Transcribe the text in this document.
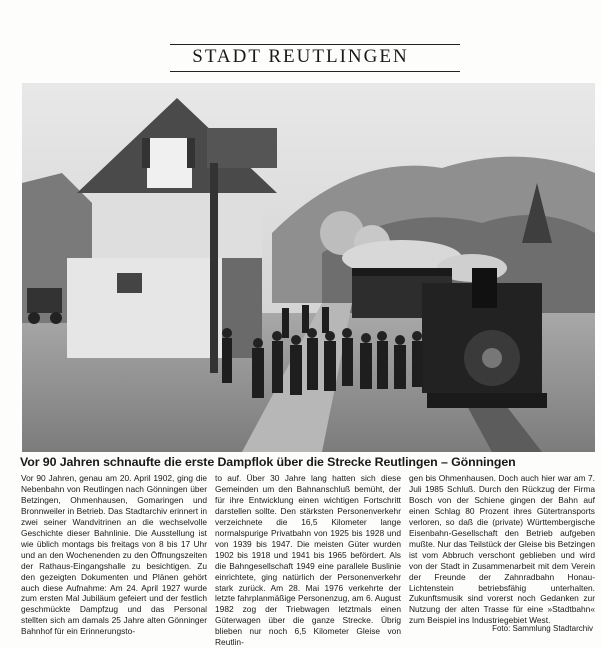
STADT REUTLINGEN
Vor 90 Jahren schnaufte die erste Dampflok über die Strecke Reutlingen – Gönningen
Vor 90 Jahren, genau am 20. April 1902, ging die Nebenbahn von Reutlingen nach Gönningen über Betzingen, Ohmenhausen, Gomaringen und Bronnweiler in Betrieb. Das Stadtarchiv erinnert in zwei seiner Wandvitrinen an die wechselvolle Geschichte dieser Bahnlinie. Die Ausstellung ist wie üblich montags bis freitags von 8 bis 17 Uhr und an den Wochenenden zu den Öffnungszeiten der Rathaus-Eingangshalle zu besichtigen. Zu den gezeigten Dokumenten und Plänen gehört auch diese Aufnahme: Am 24. April 1927 wurde zum ersten Mal Jubiläum gefeiert und der festlich geschmückte Dampfzug und das Personal stellten sich am damals 25 Jahre alten Gönninger Bahnhof für ein Erinnerungsto-
to auf. Über 30 Jahre lang hatten sich diese Gemeinden um den Bahnanschluß bemüht, der für ihre Entwicklung einen wichtigen Fortschritt darstellen sollte. Den stärksten Personenverkehr verzeichnete die 16,5 Kilometer lange normalspurige Privatbahn von 1925 bis 1928 und von 1939 bis 1947. Die meisten Güter wurden 1902 bis 1918 und 1941 bis 1965 befördert. Als die Bahngesellschaft 1949 eine parallele Buslinie einrichtete, ging natürlich der Personenverkehr stark zurück. Am 28. Mai 1976 verkehrte der letzte fahrplanmäßige Personenzug, am 6. August 1982 zog der Triebwagen letztmals einen Güterwagen über die ganze Strecke. Übrig blieben nur noch 6,5 Kilometer Gleise von Reutlin-
gen bis Ohmenhausen. Doch auch hier war am 7. Juli 1985 Schluß. Durch den Rückzug der Firma Bosch von der Schiene gingen der Bahn auf einen Schlag 80 Prozent ihres Gütertransports verloren, so daß die (private) Württembergische Eisenbahn-Gesellschaft den Betrieb aufgeben mußte. Nur das Teilstück der Gleise bis Betzingen ist vom Abbruch verschont geblieben und wird von der Stadt in Zusammenarbeit mit dem Verein der Freunde der Zahnradbahn Honau-Lichtenstein betriebsfähig unterhalten. Zukunftsmusik sind vorerst noch Gedanken zur Nutzung der alten Trasse für eine »Stadtbahn« zum Beispiel ins Industriegebiet West.
Foto: Sammlung Stadtarchiv
